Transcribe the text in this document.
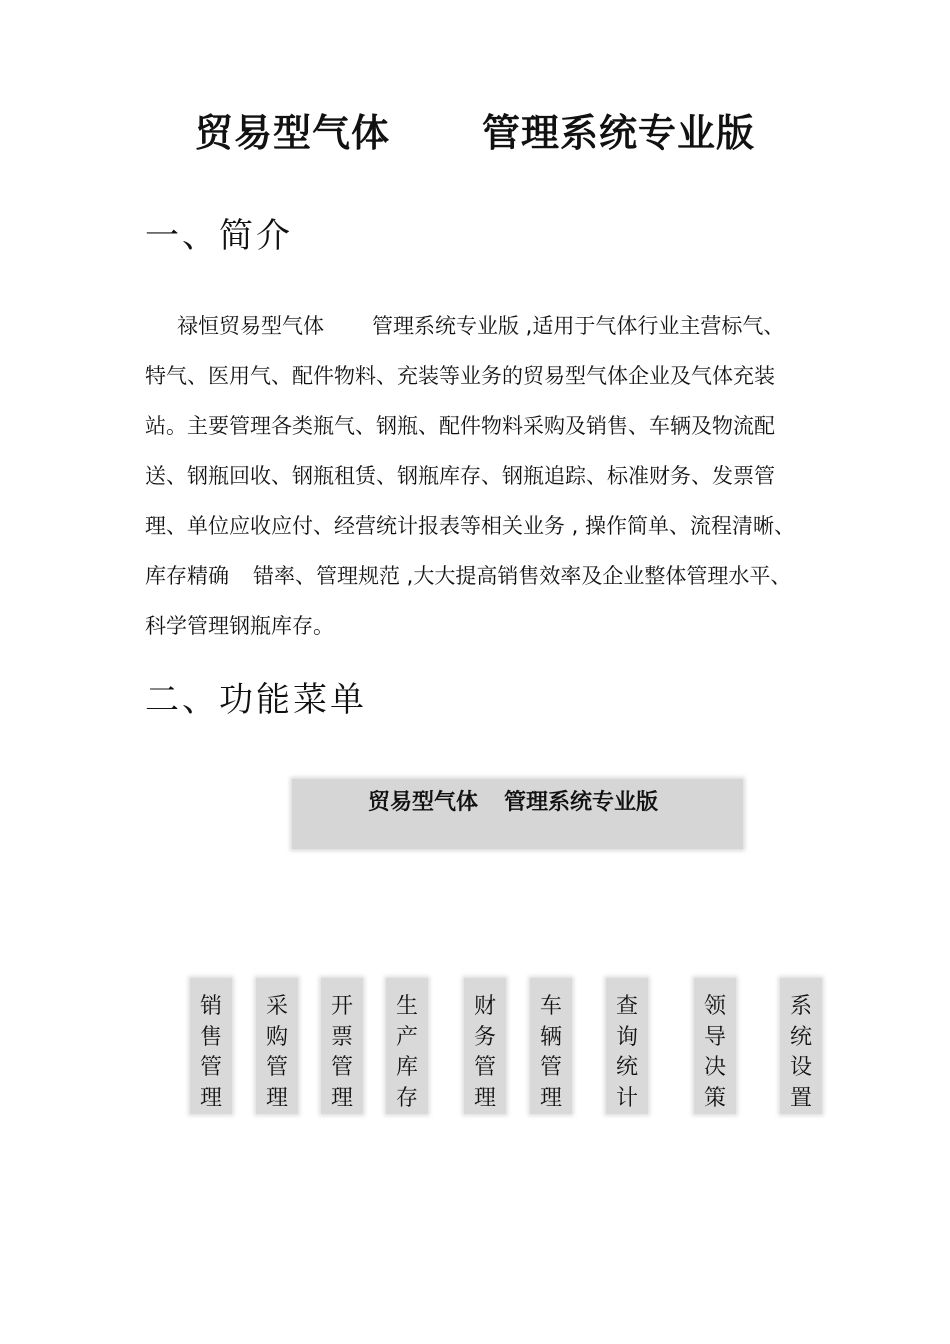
贸易型气体 管理系统专业版
一、简介
禄恒贸易型气体 管理系统专业版 ,适用于气体行业主营标气、
特气、医用气、配件物料、充装等业务的贸易型气体企业及气体充装
站。主要管理各类瓶气、钢瓶、配件物料采购及销售、车辆及物流配
送、钢瓶回收、钢瓶租赁、钢瓶库存、钢瓶追踪、标准财务、发票管
理、单位应收应付、经营统计报表等相关业务 , 操作简单、流程清晰、
库存精确 错率、管理规范 ,大大提高销售效率及企业整体管理水平、
科学管理钢瓶库存。
二、功能菜单
贸易型气体 管理系统专业版
销售管理
采购管理
开票管理
生产库存
财务管理
车辆管理
查询统计
领导决策
系统设置
